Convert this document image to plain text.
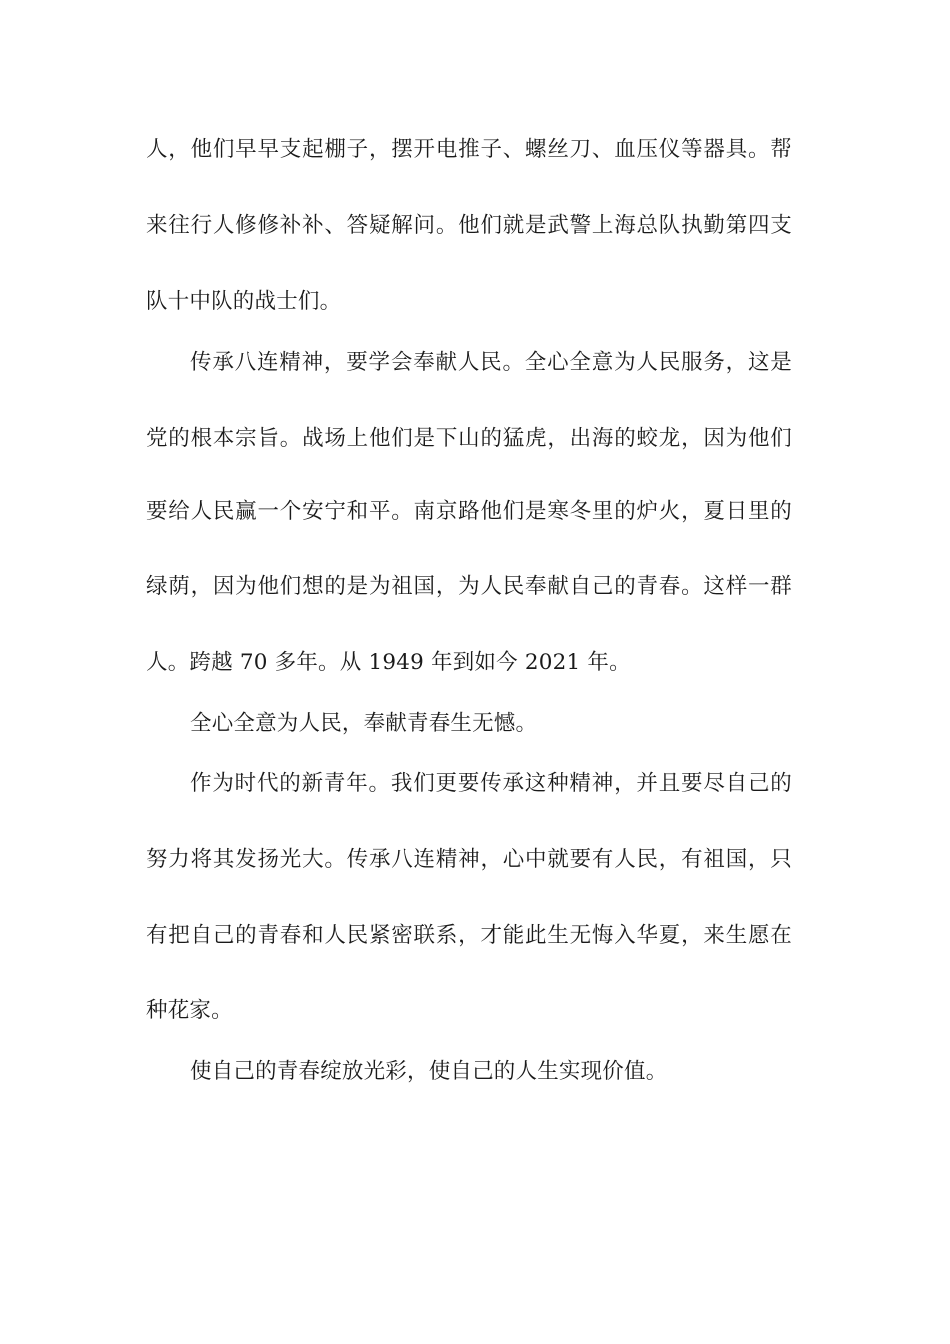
人，他们早早支起棚子，摆开电推子、螺丝刀、血压仪等器具。帮
来往行人修修补补、答疑解问。他们就是武警上海总队执勤第四支
队十中队的战士们。
传承八连精神，要学会奉献人民。全心全意为人民服务，这是
党的根本宗旨。战场上他们是下山的猛虎，出海的蛟龙，因为他们
要给人民赢一个安宁和平。南京路他们是寒冬里的炉火，夏日里的
绿荫，因为他们想的是为祖国，为人民奉献自己的青春。这样一群
人。跨越 70 多年。从 1949 年到如今 2021 年。
全心全意为人民，奉献青春生无憾。
作为时代的新青年。我们更要传承这种精神，并且要尽自己的
努力将其发扬光大。传承八连精神，心中就要有人民，有祖国，只
有把自己的青春和人民紧密联系，才能此生无悔入华夏，来生愿在
种花家。
使自己的青春绽放光彩，使自己的人生实现价值。
